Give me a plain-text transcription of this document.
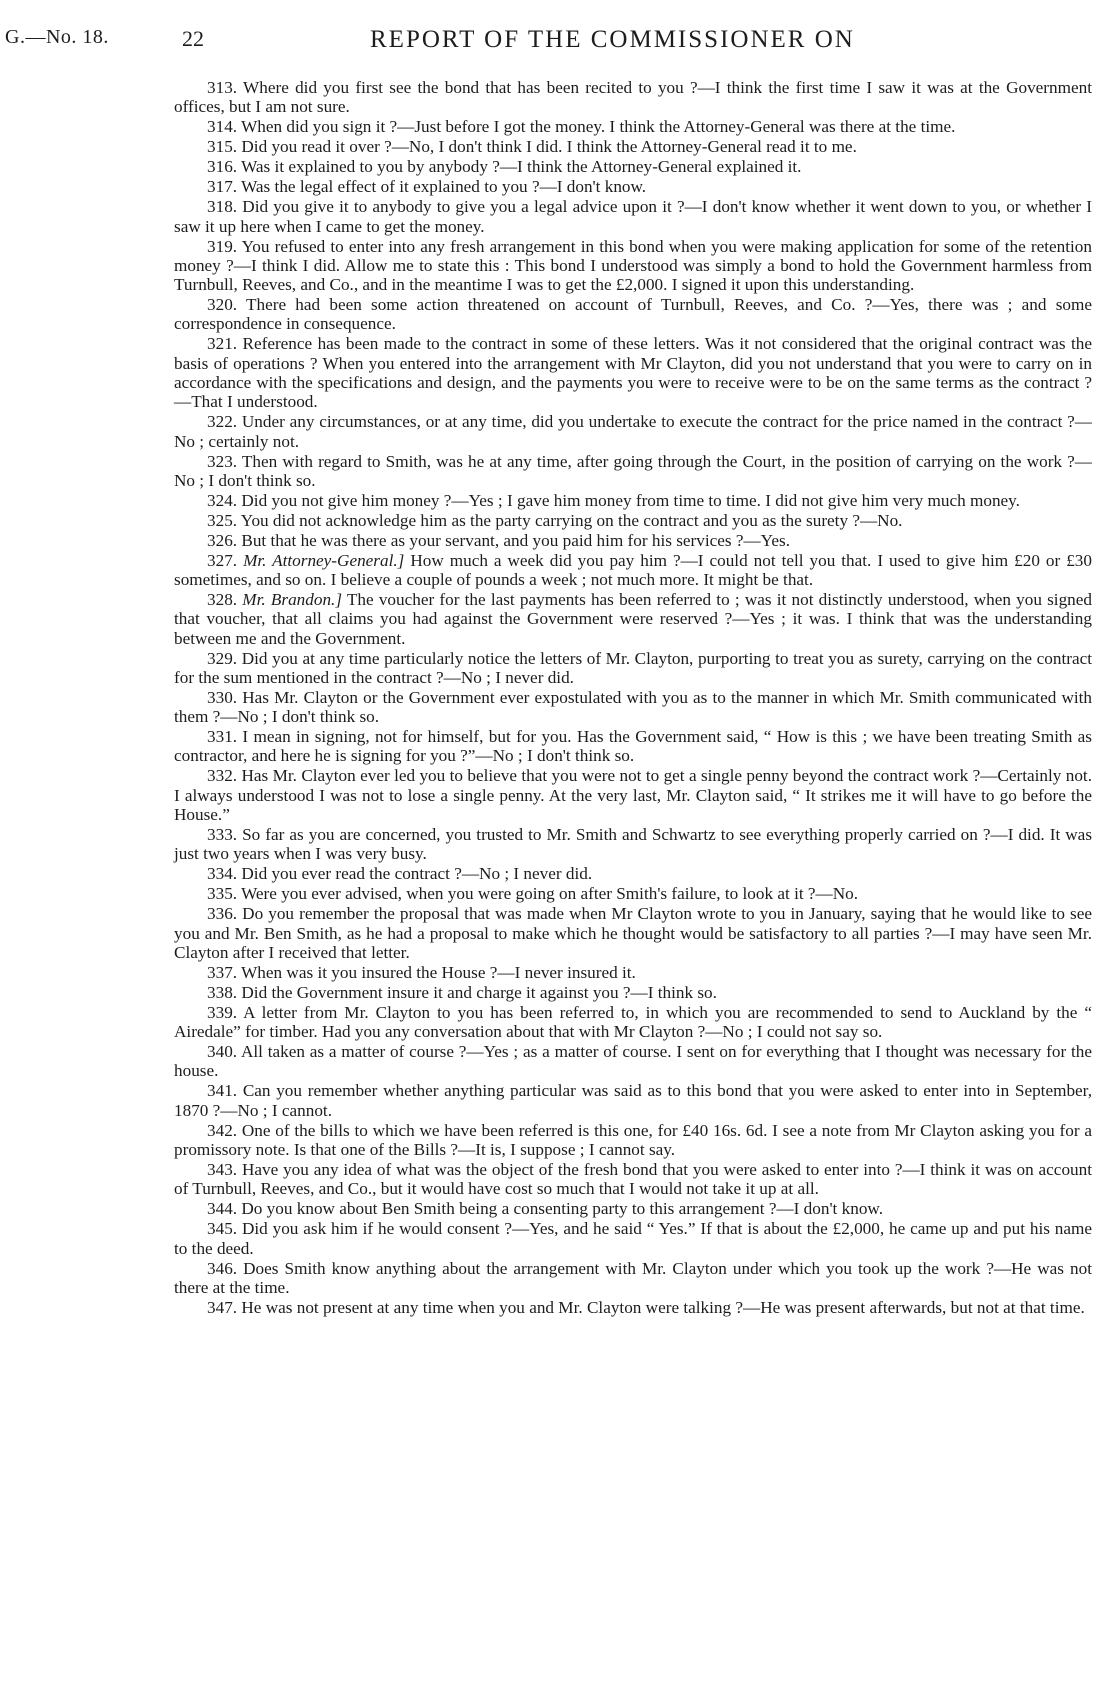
G.—No. 18.	22	REPORT OF THE COMMISSIONER ON

313. Where did you first see the bond that has been recited to you ?—I think the first time I saw it was at the Government offices, but I am not sure.

314. When did you sign it ?—Just before I got the money. I think the Attorney-General was there at the time.

315. Did you read it over ?—No, I don't think I did. I think the Attorney-General read it to me.

316. Was it explained to you by anybody ?—I think the Attorney-General explained it.

317. Was the legal effect of it explained to you ?—I don't know.

318. Did you give it to anybody to give you a legal advice upon it ?—I don't know whether it went down to you, or whether I saw it up here when I came to get the money.

319. You refused to enter into any fresh arrangement in this bond when you were making application for some of the retention money ?—I think I did. Allow me to state this : This bond I understood was simply a bond to hold the Government harmless from Turnbull, Reeves, and Co., and in the meantime I was to get the £2,000. I signed it upon this understanding.

320. There had been some action threatened on account of Turnbull, Reeves, and Co. ?—Yes, there was ; and some correspondence in consequence.

321. Reference has been made to the contract in some of these letters. Was it not considered that the original contract was the basis of operations ? When you entered into the arrangement with Mr Clayton, did you not understand that you were to carry on in accordance with the specifications and design, and the payments you were to receive were to be on the same terms as the contract ?—That I understood.

322. Under any circumstances, or at any time, did you undertake to execute the contract for the price named in the contract ?—No ; certainly not.

323. Then with regard to Smith, was he at any time, after going through the Court, in the position of carrying on the work ?—No ; I don't think so.

324. Did you not give him money ?—Yes ; I gave him money from time to time. I did not give him very much money.

325. You did not acknowledge him as the party carrying on the contract and you as the surety ?—No.

326. But that he was there as your servant, and you paid him for his services ?—Yes.

327. Mr. Attorney-General.] How much a week did you pay him ?—I could not tell you that. I used to give him £20 or £30 sometimes, and so on. I believe a couple of pounds a week ; not much more. It might be that.

328. Mr. Brandon.] The voucher for the last payments has been referred to ; was it not distinctly understood, when you signed that voucher, that all claims you had against the Government were reserved ?—Yes ; it was. I think that was the understanding between me and the Government.

329. Did you at any time particularly notice the letters of Mr. Clayton, purporting to treat you as surety, carrying on the contract for the sum mentioned in the contract ?—No ; I never did.

330. Has Mr. Clayton or the Government ever expostulated with you as to the manner in which Mr. Smith communicated with them ?—No ; I don't think so.

331. I mean in signing, not for himself, but for you. Has the Government said, “ How is this ; we have been treating Smith as contractor, and here he is signing for you ?”—No ; I don't think so.

332. Has Mr. Clayton ever led you to believe that you were not to get a single penny beyond the contract work ?—Certainly not. I always understood I was not to lose a single penny. At the very last, Mr. Clayton said, “ It strikes me it will have to go before the House.”

333. So far as you are concerned, you trusted to Mr. Smith and Schwartz to see everything properly carried on ?—I did. It was just two years when I was very busy.

334. Did you ever read the contract ?—No ; I never did.

335. Were you ever advised, when you were going on after Smith's failure, to look at it ?—No.

336. Do you remember the proposal that was made when Mr Clayton wrote to you in January, saying that he would like to see you and Mr. Ben Smith, as he had a proposal to make which he thought would be satisfactory to all parties ?—I may have seen Mr. Clayton after I received that letter.

337. When was it you insured the House ?—I never insured it.

338. Did the Government insure it and charge it against you ?—I think so.

339. A letter from Mr. Clayton to you has been referred to, in which you are recommended to send to Auckland by the “ Airedale” for timber. Had you any conversation about that with Mr Clayton ?—No ; I could not say so.

340. All taken as a matter of course ?—Yes ; as a matter of course. I sent on for everything that I thought was necessary for the house.

341. Can you remember whether anything particular was said as to this bond that you were asked to enter into in September, 1870 ?—No ; I cannot.

342. One of the bills to which we have been referred is this one, for £40 16s. 6d. I see a note from Mr Clayton asking you for a promissory note. Is that one of the Bills ?—It is, I suppose ; I cannot say.

343. Have you any idea of what was the object of the fresh bond that you were asked to enter into ?—I think it was on account of Turnbull, Reeves, and Co., but it would have cost so much that I would not take it up at all.

344. Do you know about Ben Smith being a consenting party to this arrangement ?—I don't know.

345. Did you ask him if he would consent ?—Yes, and he said “ Yes.” If that is about the £2,000, he came up and put his name to the deed.

346. Does Smith know anything about the arrangement with Mr. Clayton under which you took up the work ?—He was not there at the time.

347. He was not present at any time when you and Mr. Clayton were talking ?—He was present afterwards, but not at that time.
